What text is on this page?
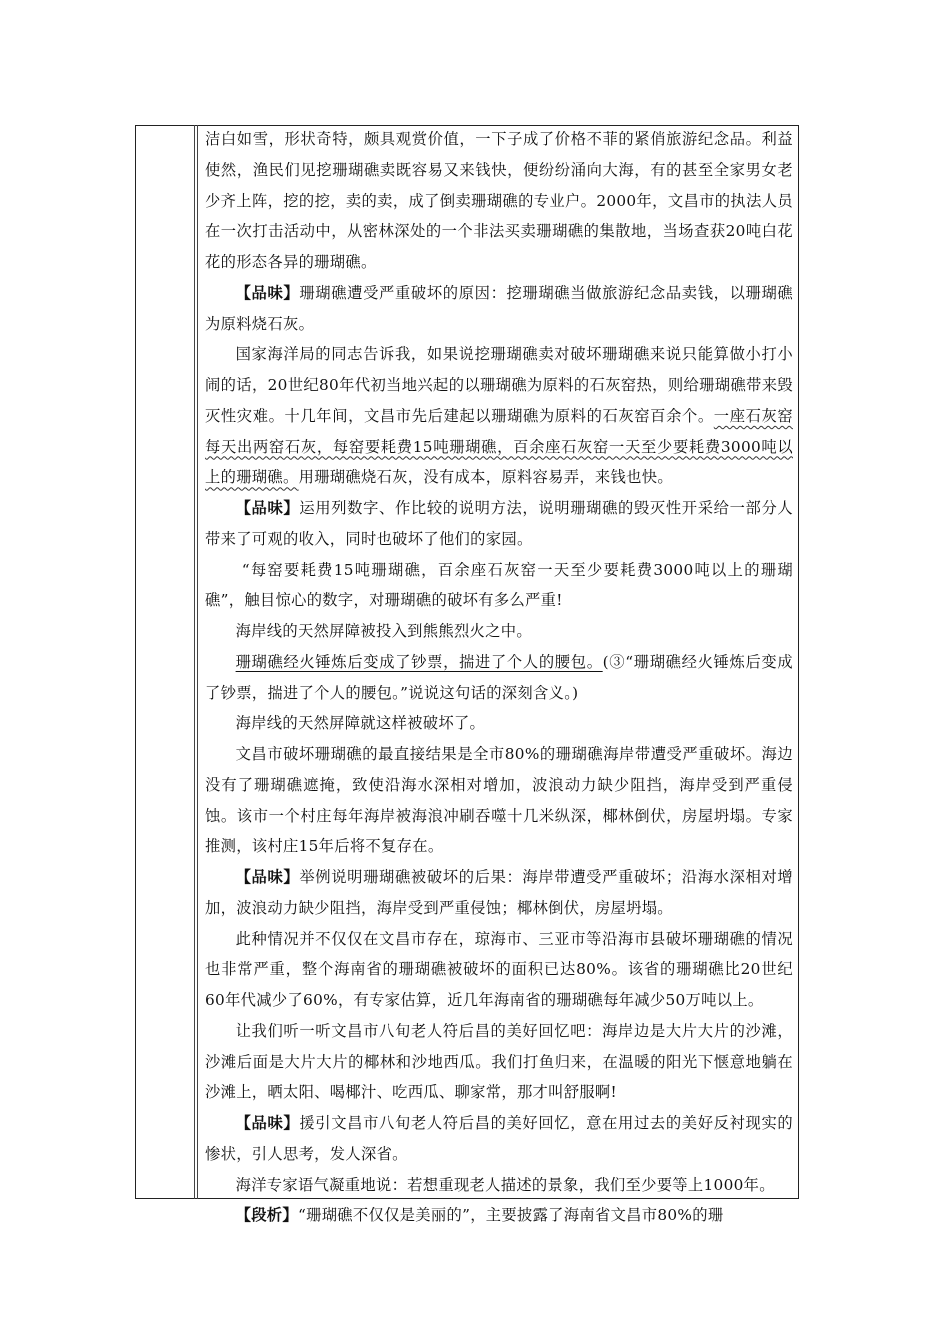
洁白如雪，形状奇特，颇具观赏价值，一下子成了价格不菲的紧俏旅游纪念品。利益使然，渔民们见挖珊瑚礁卖既容易又来钱快，便纷纷涌向大海，有的甚至全家男女老少齐上阵，挖的挖，卖的卖，成了倒卖珊瑚礁的专业户。2000年，文昌市的执法人员在一次打击活动中，从密林深处的一个非法买卖珊瑚礁的集散地，当场查获20吨白花花的形态各异的珊瑚礁。

【品味】珊瑚礁遭受严重破坏的原因：挖珊瑚礁当做旅游纪念品卖钱，以珊瑚礁为原料烧石灰。

国家海洋局的同志告诉我，如果说挖珊瑚礁卖对破坏珊瑚礁来说只能算做小打小闹的话，20世纪80年代初当地兴起的以珊瑚礁为原料的石灰窑热，则给珊瑚礁带来毁灭性灾难。十几年间，文昌市先后建起以珊瑚礁为原料的石灰窑百余个。一座石灰窑每天出两窑石灰，每窑要耗费15吨珊瑚礁，百余座石灰窑一天至少要耗费3000吨以上的珊瑚礁。用珊瑚礁烧石灰，没有成本，原料容易弄，来钱也快。

【品味】运用列数字、作比较的说明方法，说明珊瑚礁的毁灭性开采给一部分人带来了可观的收入，同时也破坏了他们的家园。

“每窑要耗费15吨珊瑚礁，百余座石灰窑一天至少要耗费3000吨以上的珊瑚礁”，触目惊心的数字，对珊瑚礁的破坏有多么严重!

海岸线的天然屏障被投入到熊熊烈火之中。

珊瑚礁经火锤炼后变成了钞票，揣进了个人的腰包。(③“珊瑚礁经火锤炼后变成了钞票，揣进了个人的腰包。”说说这句话的深刻含义。)

海岸线的天然屏障就这样被破坏了。

文昌市破坏珊瑚礁的最直接结果是全市80%的珊瑚礁海岸带遭受严重破坏。海边没有了珊瑚礁遮掩，致使沿海水深相对增加，波浪动力缺少阻挡，海岸受到严重侵蚀。该市一个村庄每年海岸被海浪冲刷吞噬十几米纵深，椰林倒伏，房屋坍塌。专家推测，该村庄15年后将不复存在。

【品味】举例说明珊瑚礁被破坏的后果：海岸带遭受严重破坏；沿海水深相对增加，波浪动力缺少阻挡，海岸受到严重侵蚀；椰林倒伏，房屋坍塌。

此种情况并不仅仅在文昌市存在，琼海市、三亚市等沿海市县破坏珊瑚礁的情况也非常严重，整个海南省的珊瑚礁被破坏的面积已达80%。该省的珊瑚礁比20世纪60年代减少了60%，有专家估算，近几年海南省的珊瑚礁每年减少50万吨以上。

让我们听一听文昌市八旬老人符后昌的美好回忆吧：海岸边是大片大片的沙滩，沙滩后面是大片大片的椰林和沙地西瓜。我们打鱼归来，在温暖的阳光下惬意地躺在沙滩上，晒太阳、喝椰汁、吃西瓜、聊家常，那才叫舒服啊!

【品味】援引文昌市八旬老人符后昌的美好回忆，意在用过去的美好反衬现实的惨状，引人思考，发人深省。

海洋专家语气凝重地说：若想重现老人描述的景象，我们至少要等上1000年。

【段析】“珊瑚礁不仅仅是美丽的”，主要披露了海南省文昌市80%的珊
